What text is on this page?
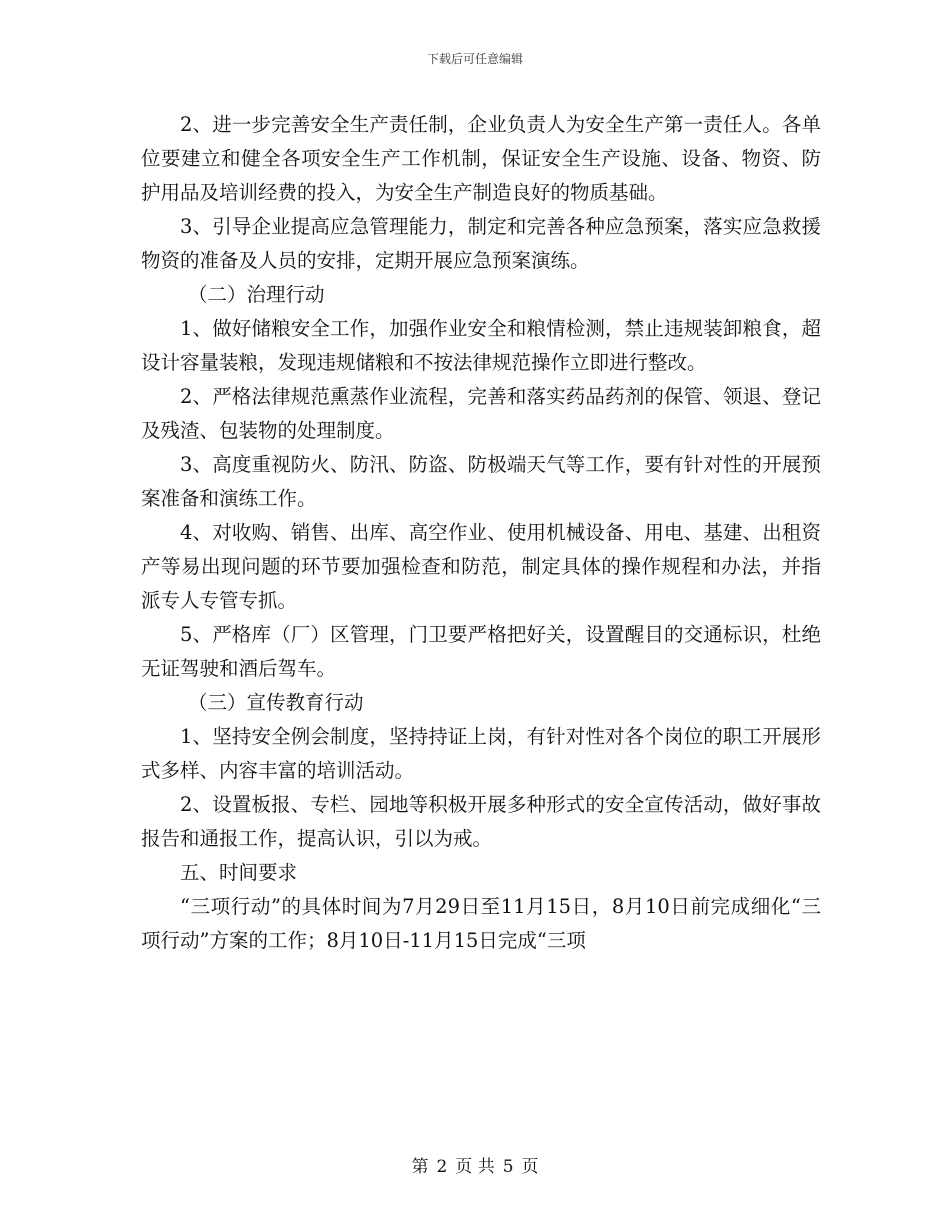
下载后可任意编辑

2、进一步完善安全生产责任制，企业负责人为安全生产第一责任人。各单位要建立和健全各项安全生产工作机制，保证安全生产设施、设备、物资、防护用品及培训经费的投入，为安全生产制造良好的物质基础。

3、引导企业提高应急管理能力，制定和完善各种应急预案，落实应急救援物资的准备及人员的安排，定期开展应急预案演练。

（二）治理行动

1、做好储粮安全工作，加强作业安全和粮情检测，禁止违规装卸粮食，超设计容量装粮，发现违规储粮和不按法律规范操作立即进行整改。

2、严格法律规范熏蒸作业流程，完善和落实药品药剂的保管、领退、登记及残渣、包装物的处理制度。

3、高度重视防火、防汛、防盗、防极端天气等工作，要有针对性的开展预案准备和演练工作。

4、对收购、销售、出库、高空作业、使用机械设备、用电、基建、出租资产等易出现问题的环节要加强检查和防范，制定具体的操作规程和办法，并指派专人专管专抓。

5、严格库（厂）区管理，门卫要严格把好关，设置醒目的交通标识，杜绝无证驾驶和酒后驾车。

（三）宣传教育行动

1、坚持安全例会制度，坚持持证上岗，有针对性对各个岗位的职工开展形式多样、内容丰富的培训活动。

2、设置板报、专栏、园地等积极开展多种形式的安全宣传活动，做好事故报告和通报工作，提高认识，引以为戒。

五、时间要求

“三项行动”的具体时间为7月29日至11月15日，8月10日前完成细化“三项行动”方案的工作；8月10日-11月15日完成“三项

第 2 页 共 5 页
